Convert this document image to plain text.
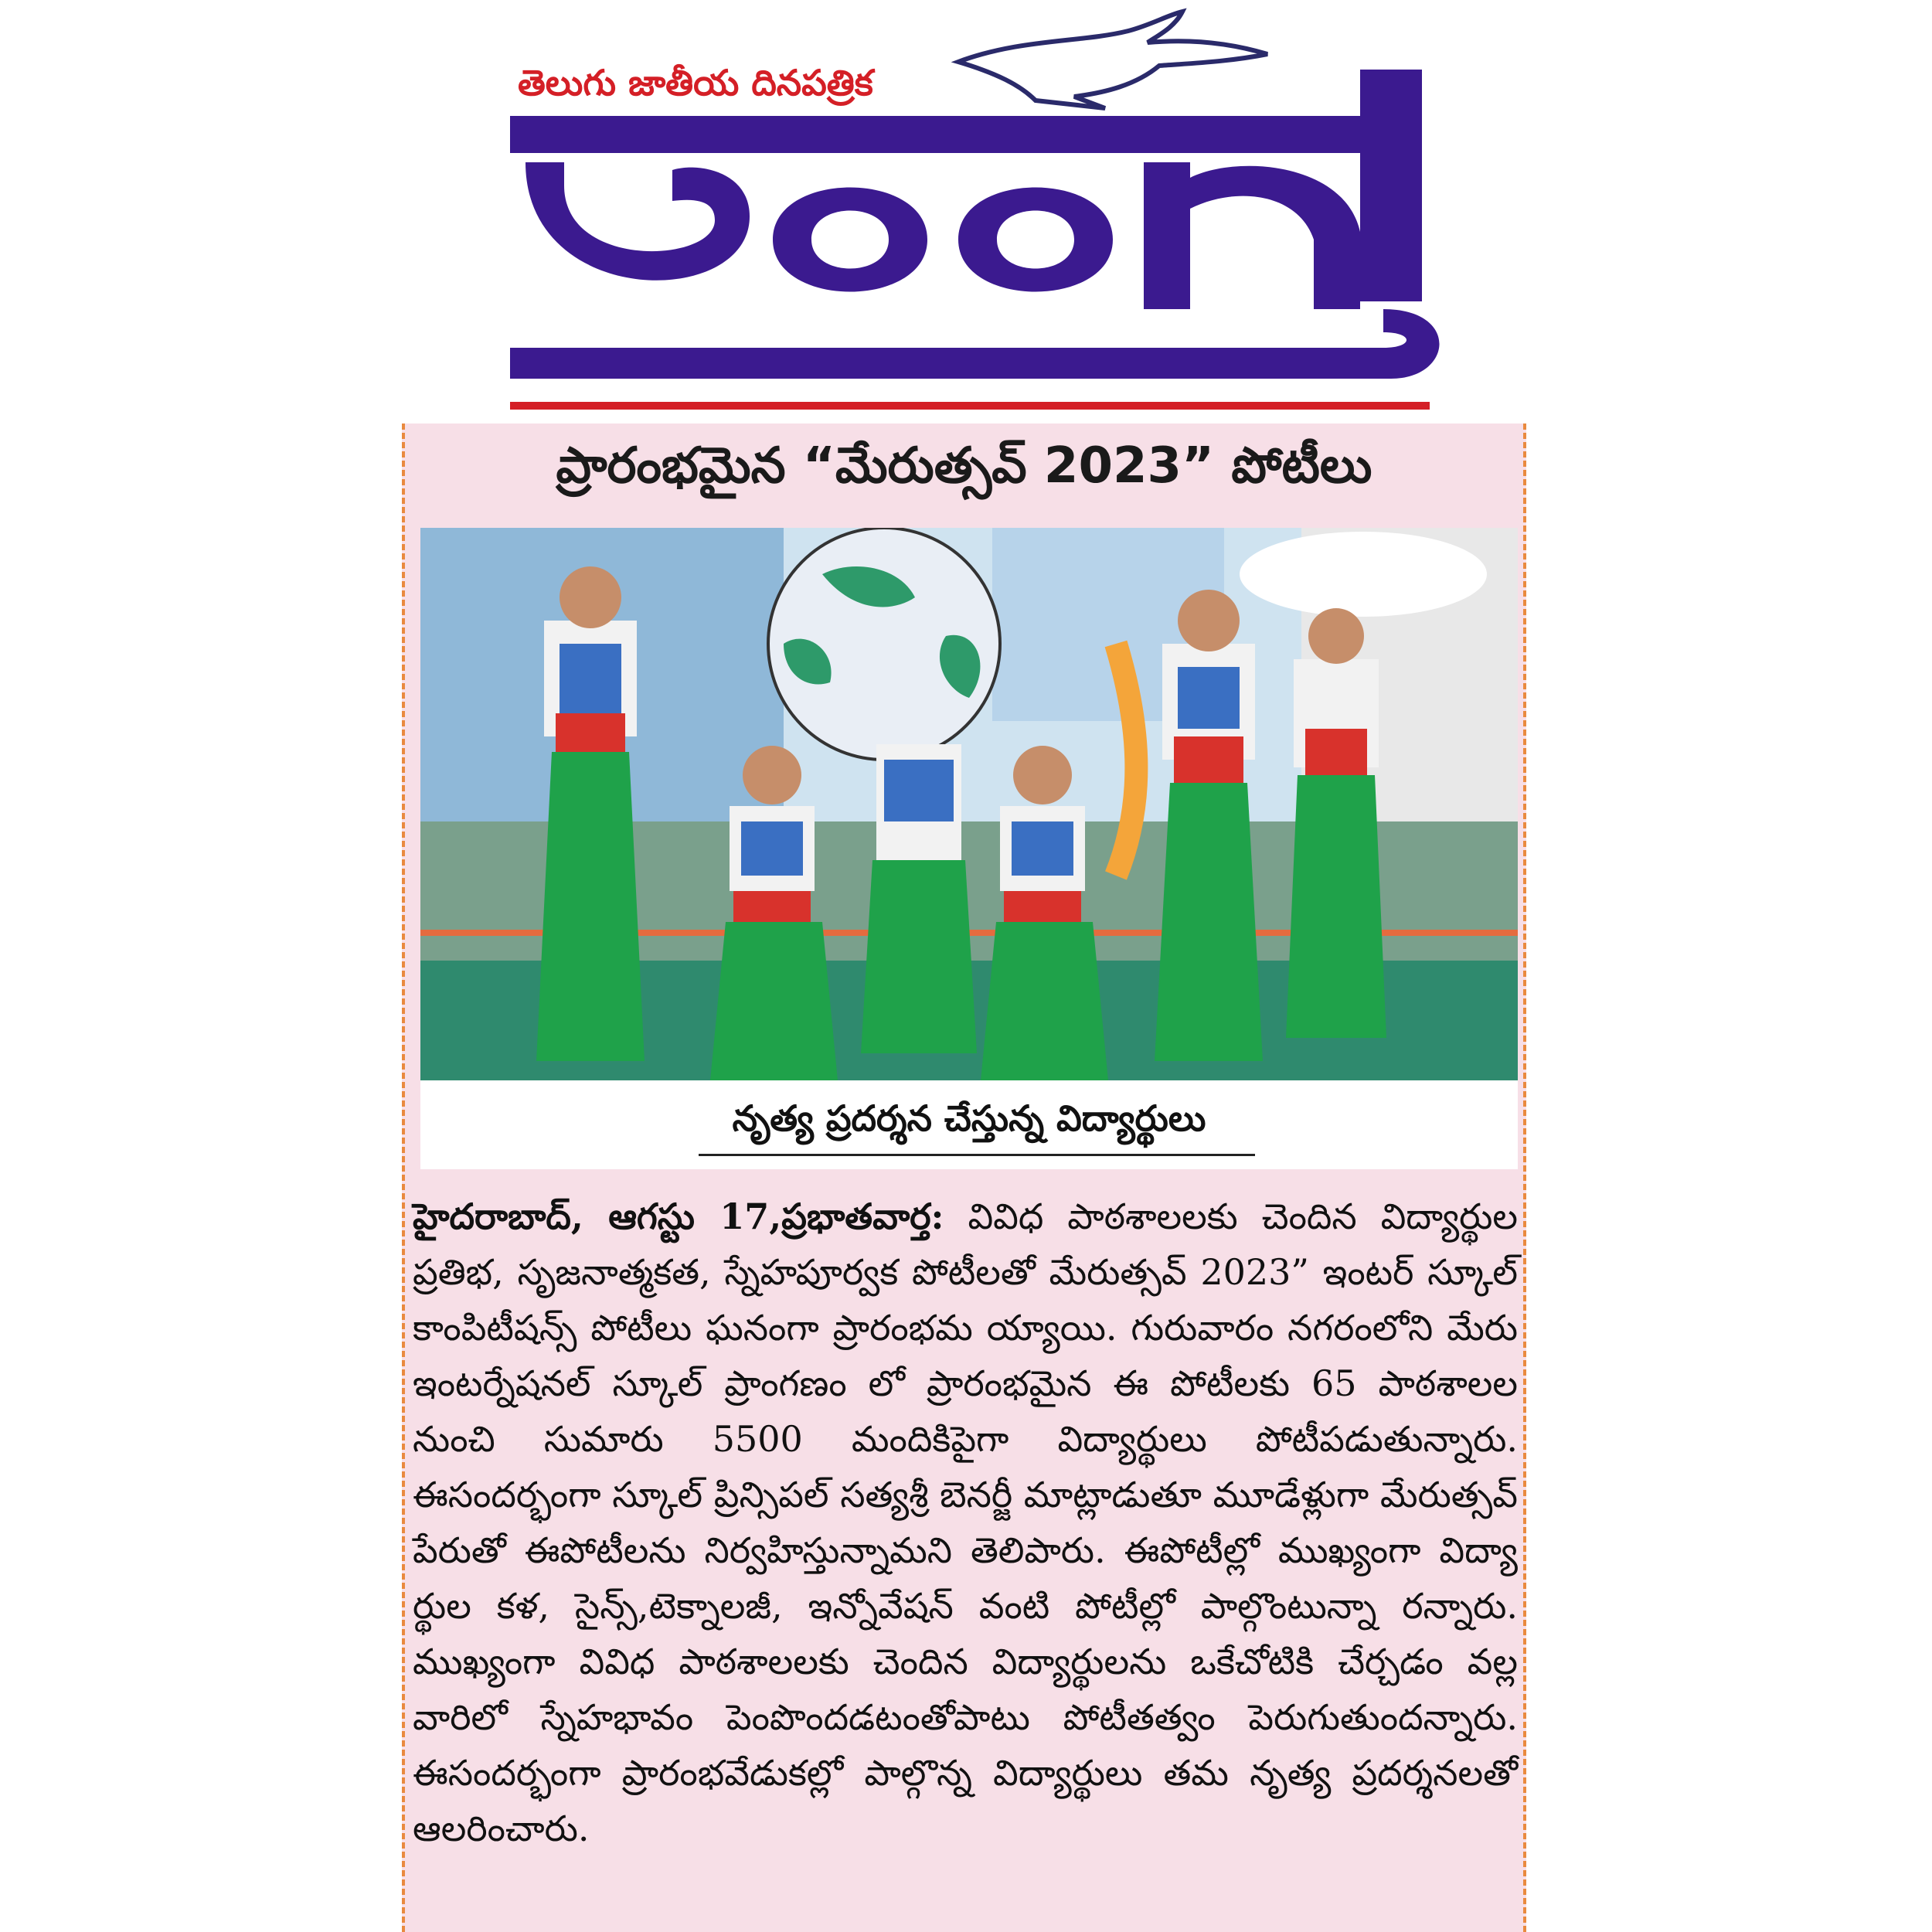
తెలుగు జాతీయ దినపత్రిక
ప్రారంభమైన “మేరుత్సవ్ 2023” పోటీలు
నృత్య ప్రదర్శన చేస్తున్న విద్యార్థులు
హైదరాబాద్, ఆగస్టు 17,ప్రభాతవార్త: వివిధ పాఠశాలలకు చెందిన విద్యార్థుల ప్రతిభ, సృజనాత్మకత, స్నేహపూర్వక పోటీలతో మేరుత్సవ్ 2023” ఇంటర్ స్కూల్ కాంపిటీషన్స్ పోటీలు ఘనంగా ప్రారంభమ య్యాయి. గురువారం నగరంలోని మేరు ఇంటర్నేషనల్ స్కూల్ ప్రాంగణం లో ప్రారంభమైన ఈ పోటీలకు 65 పాఠశాలల నుంచి సుమారు 5500 మందికిపైగా విద్యార్థులు పోటీపడుతున్నారు. ఈసందర్భంగా స్కూల్ ప్రిన్సిపల్ సత్యశ్రీ బెనర్జీ మాట్లాడుతూ మూడేళ్లుగా మేరుత్సవ్ పేరుతో ఈపోటీలను నిర్వహిస్తున్నామని తెలిపారు. ఈపోటీల్లో ముఖ్యంగా విద్యా ర్థుల కళ, సైన్స్,టెక్నాలజీ, ఇన్నోవేషన్ వంటి పోటీల్లో పాల్గొంటున్నా రన్నారు. ముఖ్యంగా వివిధ పాఠశాలలకు చెందిన విద్యార్థులను ఒకేచోటికి చేర్చడం వల్ల వారిలో స్నేహభావం పెంపొందడటంతోపాటు పోటీతత్వం పెరుగుతుందన్నారు. ఈసందర్భంగా ప్రారంభవేడుకల్లో పాల్గొన్న విద్యార్థులు తమ నృత్య ప్రదర్శనలతో ఆలరించారు.
